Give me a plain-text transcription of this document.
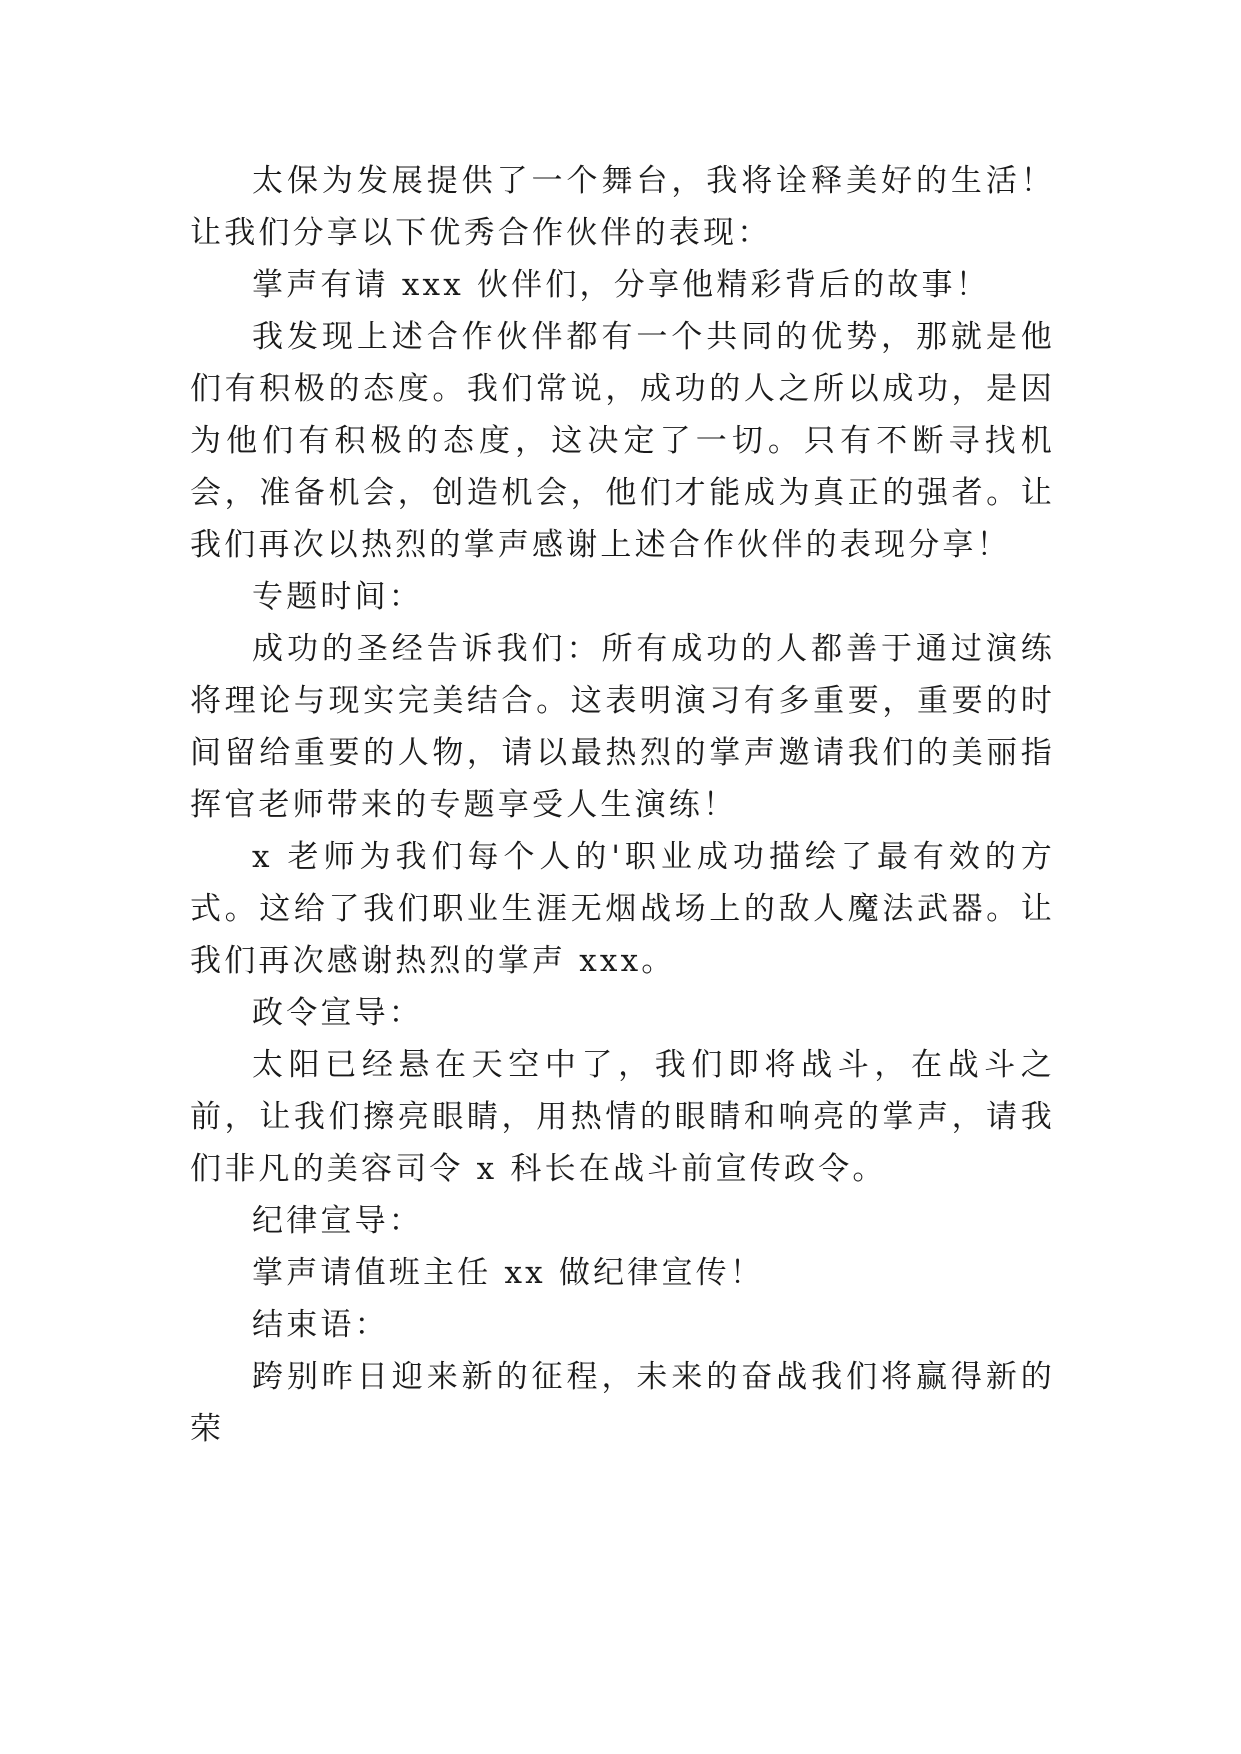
太保为发展提供了一个舞台，我将诠释美好的生活！让我们分享以下优秀合作伙伴的表现：

掌声有请 xxx 伙伴们，分享他精彩背后的故事！

我发现上述合作伙伴都有一个共同的优势，那就是他们有积极的态度。我们常说，成功的人之所以成功，是因为他们有积极的态度，这决定了一切。只有不断寻找机会，准备机会，创造机会，他们才能成为真正的强者。让我们再次以热烈的掌声感谢上述合作伙伴的表现分享！

专题时间：

成功的圣经告诉我们：所有成功的人都善于通过演练将理论与现实完美结合。这表明演习有多重要，重要的时间留给重要的人物，请以最热烈的掌声邀请我们的美丽指挥官老师带来的专题享受人生演练！

x 老师为我们每个人的'职业成功描绘了最有效的方式。这给了我们职业生涯无烟战场上的敌人魔法武器。让我们再次感谢热烈的掌声 xxx。

政令宣导：

太阳已经悬在天空中了，我们即将战斗，在战斗之前，让我们擦亮眼睛，用热情的眼睛和响亮的掌声，请我们非凡的美容司令 x 科长在战斗前宣传政令。

纪律宣导：

掌声请值班主任 xx 做纪律宣传！

结束语：

跨别昨日迎来新的征程，未来的奋战我们将赢得新的荣
